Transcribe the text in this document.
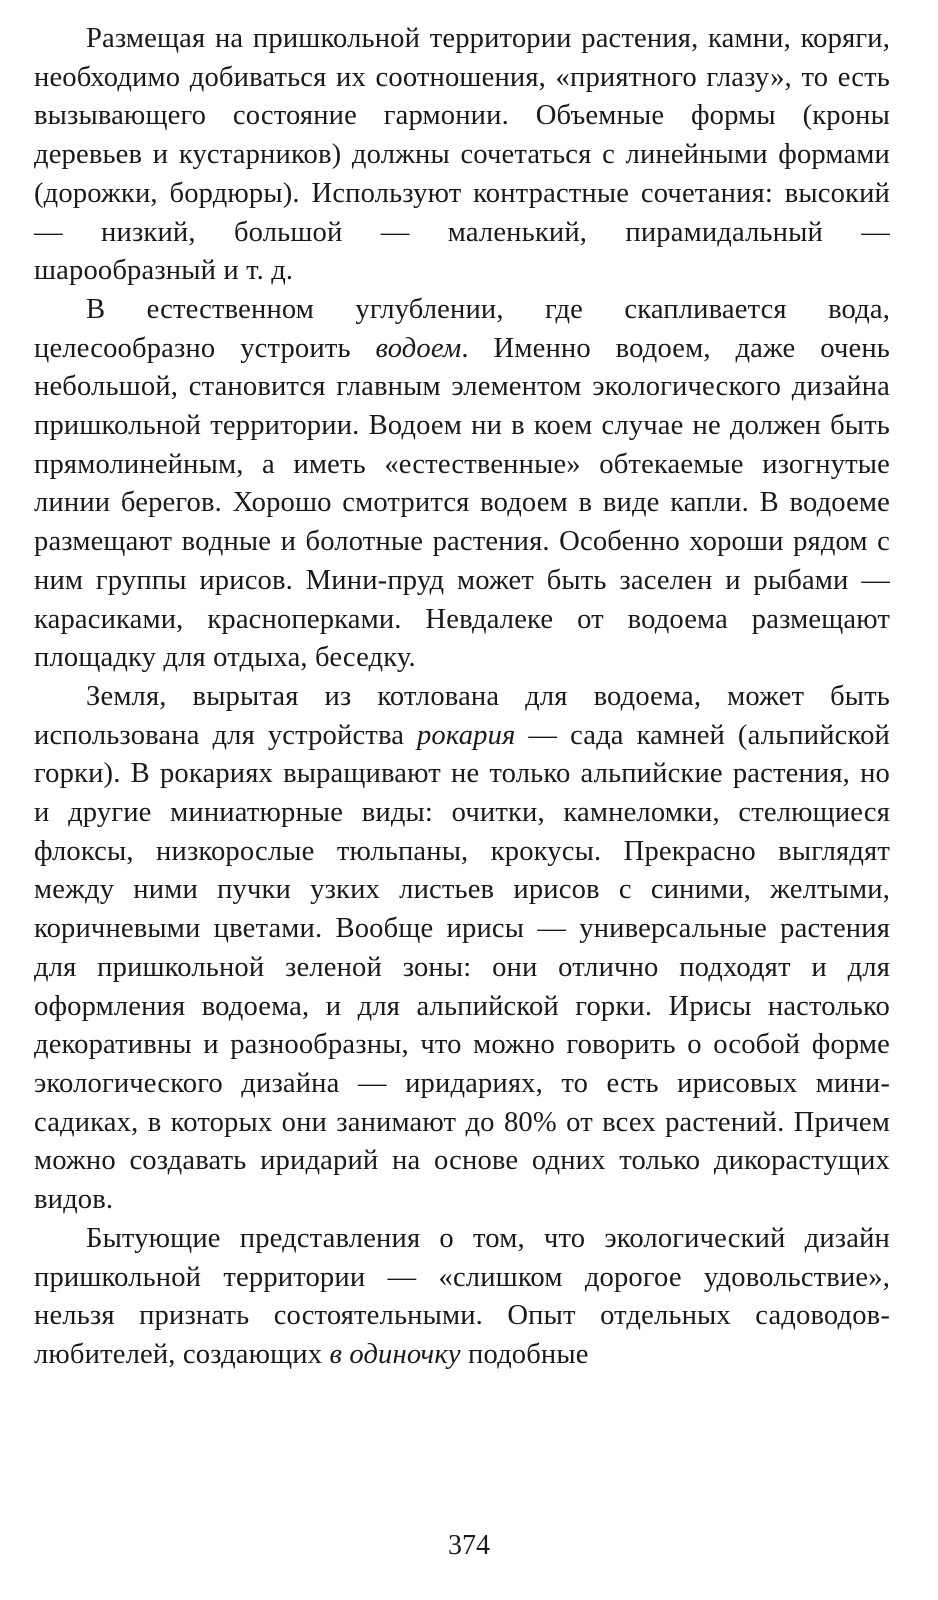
Размещая на пришкольной территории растения, камни, коряги, необходимо добиваться их соотношения, «приятного глазу», то есть вызывающего состояние гармонии. Объемные формы (кроны деревьев и кустарников) должны сочетаться с линейными формами (дорожки, бордюры). Используют контрастные сочетания: высокий — низкий, большой — маленький, пирамидальный — шарообразный и т. д.

В естественном углублении, где скапливается вода, целесообразно устроить водоем. Именно водоем, даже очень небольшой, становится главным элементом экологического дизайна пришкольной территории. Водоем ни в коем случае не должен быть прямолинейным, а иметь «естественные» обтекаемые изогнутые линии берегов. Хорошо смотрится водоем в виде капли. В водоеме размещают водные и болотные растения. Особенно хороши рядом с ним группы ирисов. Мини-пруд может быть заселен и рыбами — карасиками, красноперками. Невдалеке от водоема размещают площадку для отдыха, беседку.

Земля, вырытая из котлована для водоема, может быть использована для устройства рокария — сада камней (альпийской горки). В рокариях выращивают не только альпийские растения, но и другие миниатюрные виды: очитки, камнеломки, стелющиеся флоксы, низкорослые тюльпаны, крокусы. Прекрасно выглядят между ними пучки узких листьев ирисов с синими, желтыми, коричневыми цветами. Вообще ирисы — универсальные растения для пришкольной зеленой зоны: они отлично подходят и для оформления водоема, и для альпийской горки. Ирисы настолько декоративны и разнообразны, что можно говорить о особой форме экологического дизайна — иридариях, то есть ирисовых мини-садиках, в которых они занимают до 80% от всех растений. Причем можно создавать иридарий на основе одних только дикорастущих видов.

Бытующие представления о том, что экологический дизайн пришкольной территории — «слишком дорогое удовольствие», нельзя признать состоятельными. Опыт отдельных садоводов-любителей, создающих в одиночку подобные

374
